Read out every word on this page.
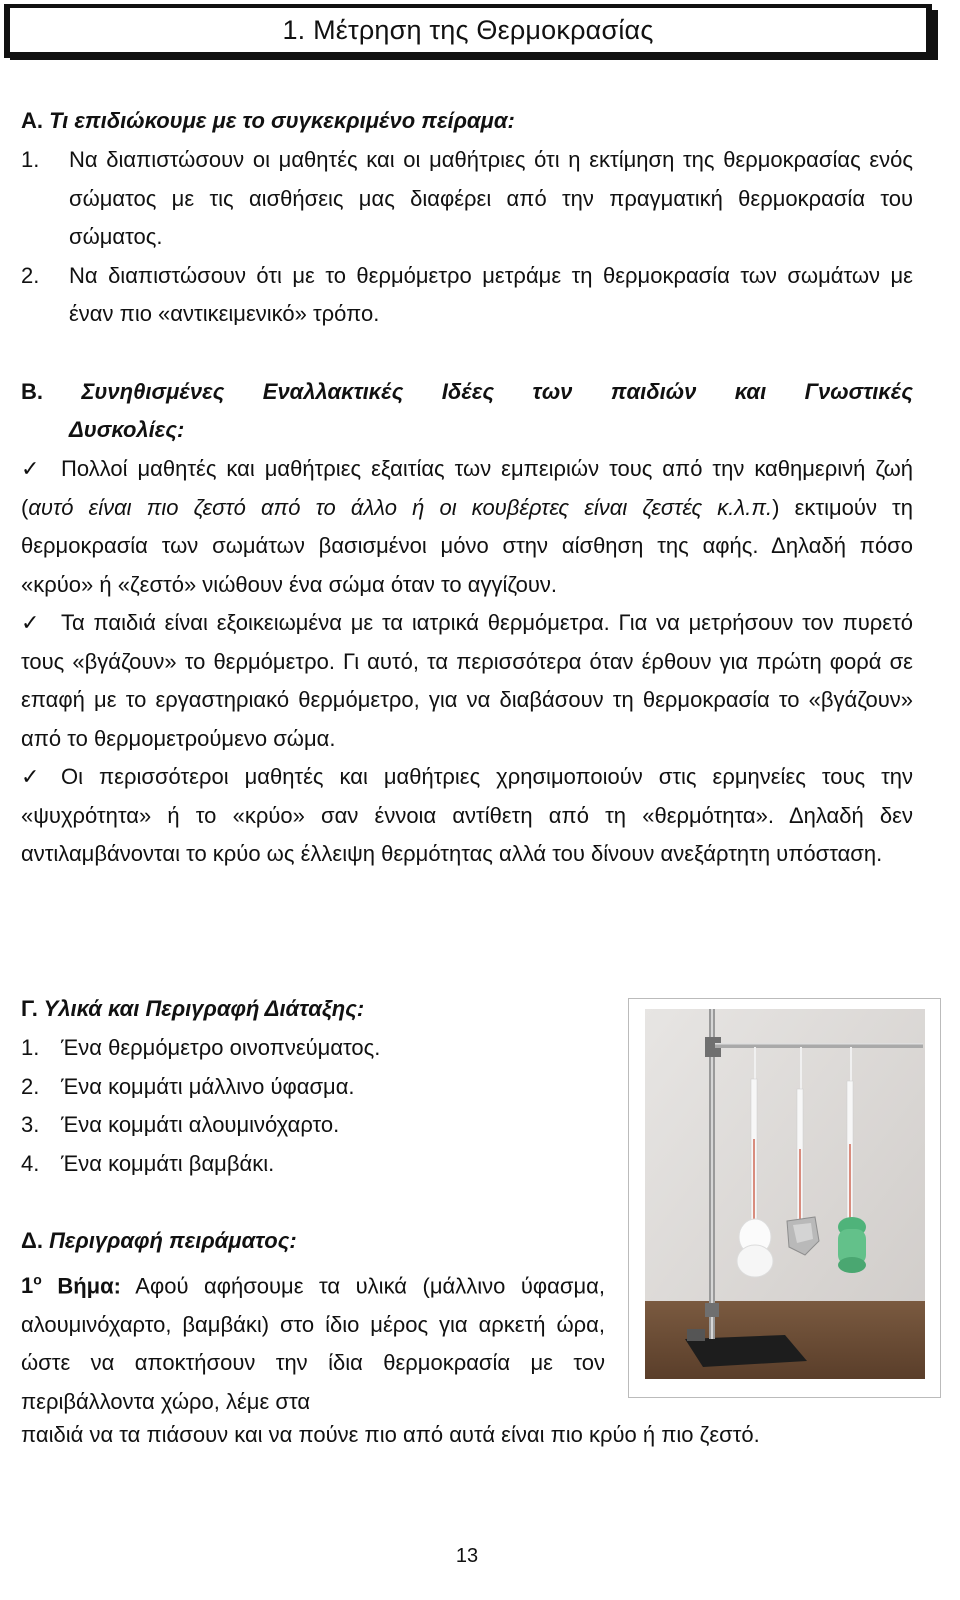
1. Μέτρηση της Θερμοκρασίας
Α. Τι επιδιώκουμε με το συγκεκριμένο πείραμα:
1. Να διαπιστώσουν οι μαθητές και οι μαθήτριες ότι η εκτίμηση της θερμοκρασίας ενός σώματος με τις αισθήσεις μας διαφέρει από την πραγματική θερμοκρασία του σώματος.
2. Να διαπιστώσουν ότι με το θερμόμετρο μετράμε τη θερμοκρασία των σωμάτων με έναν πιο «αντικειμενικό» τρόπο.
Β. Συνηθισμένες Εναλλακτικές Ιδέες των παιδιών και Γνωστικές
Δυσκολίες:
✓ Πολλοί μαθητές και μαθήτριες εξαιτίας των εμπειριών τους από την καθημερινή ζωή (αυτό είναι πιο ζεστό από το άλλο ή οι κουβέρτες είναι ζεστές κ.λ.π.) εκτιμούν τη θερμοκρασία των σωμάτων βασισμένοι μόνο στην αίσθηση της αφής. Δηλαδή πόσο «κρύο» ή «ζεστό» νιώθουν ένα σώμα όταν το αγγίζουν.
✓ Τα παιδιά είναι εξοικειωμένα με τα ιατρικά θερμόμετρα. Για να μετρήσουν τον πυρετό τους «βγάζουν» το θερμόμετρο. Γι αυτό, τα περισσότερα όταν έρθουν για πρώτη φορά σε επαφή με το εργαστηριακό θερμόμετρο, για να διαβάσουν τη θερμοκρασία το «βγάζουν» από το θερμομετρούμενο σώμα.
✓ Οι περισσότεροι μαθητές και μαθήτριες χρησιμοποιούν στις ερμηνείες τους την «ψυχρότητα» ή το «κρύο» σαν έννοια αντίθετη από τη «θερμότητα». Δηλαδή δεν αντιλαμβάνονται το κρύο ως έλλειψη θερμότητας αλλά του δίνουν ανεξάρτητη υπόσταση.
Γ. Υλικά και Περιγραφή Διάταξης:
1. Ένα θερμόμετρο οινοπνεύματος.
2. Ένα κομμάτι μάλλινο ύφασμα.
3. Ένα κομμάτι αλουμινόχαρτο.
4. Ένα κομμάτι βαμβάκι.
Δ. Περιγραφή πειράματος:
$1^o$ Βήμα: Αφού αφήσουμε τα υλικά (μάλλινο ύφασμα, αλουμινόχαρτο, βαμβάκι) στο ίδιο μέρος για αρκετή ώρα, ώστε να αποκτήσουν την ίδια θερμοκρασία με τον περιβάλλοντα χώρο, λέμε στα
παιδιά να τα πιάσουν και να πούνε πιο από αυτά είναι πιο κρύο ή πιο ζεστό.
13
